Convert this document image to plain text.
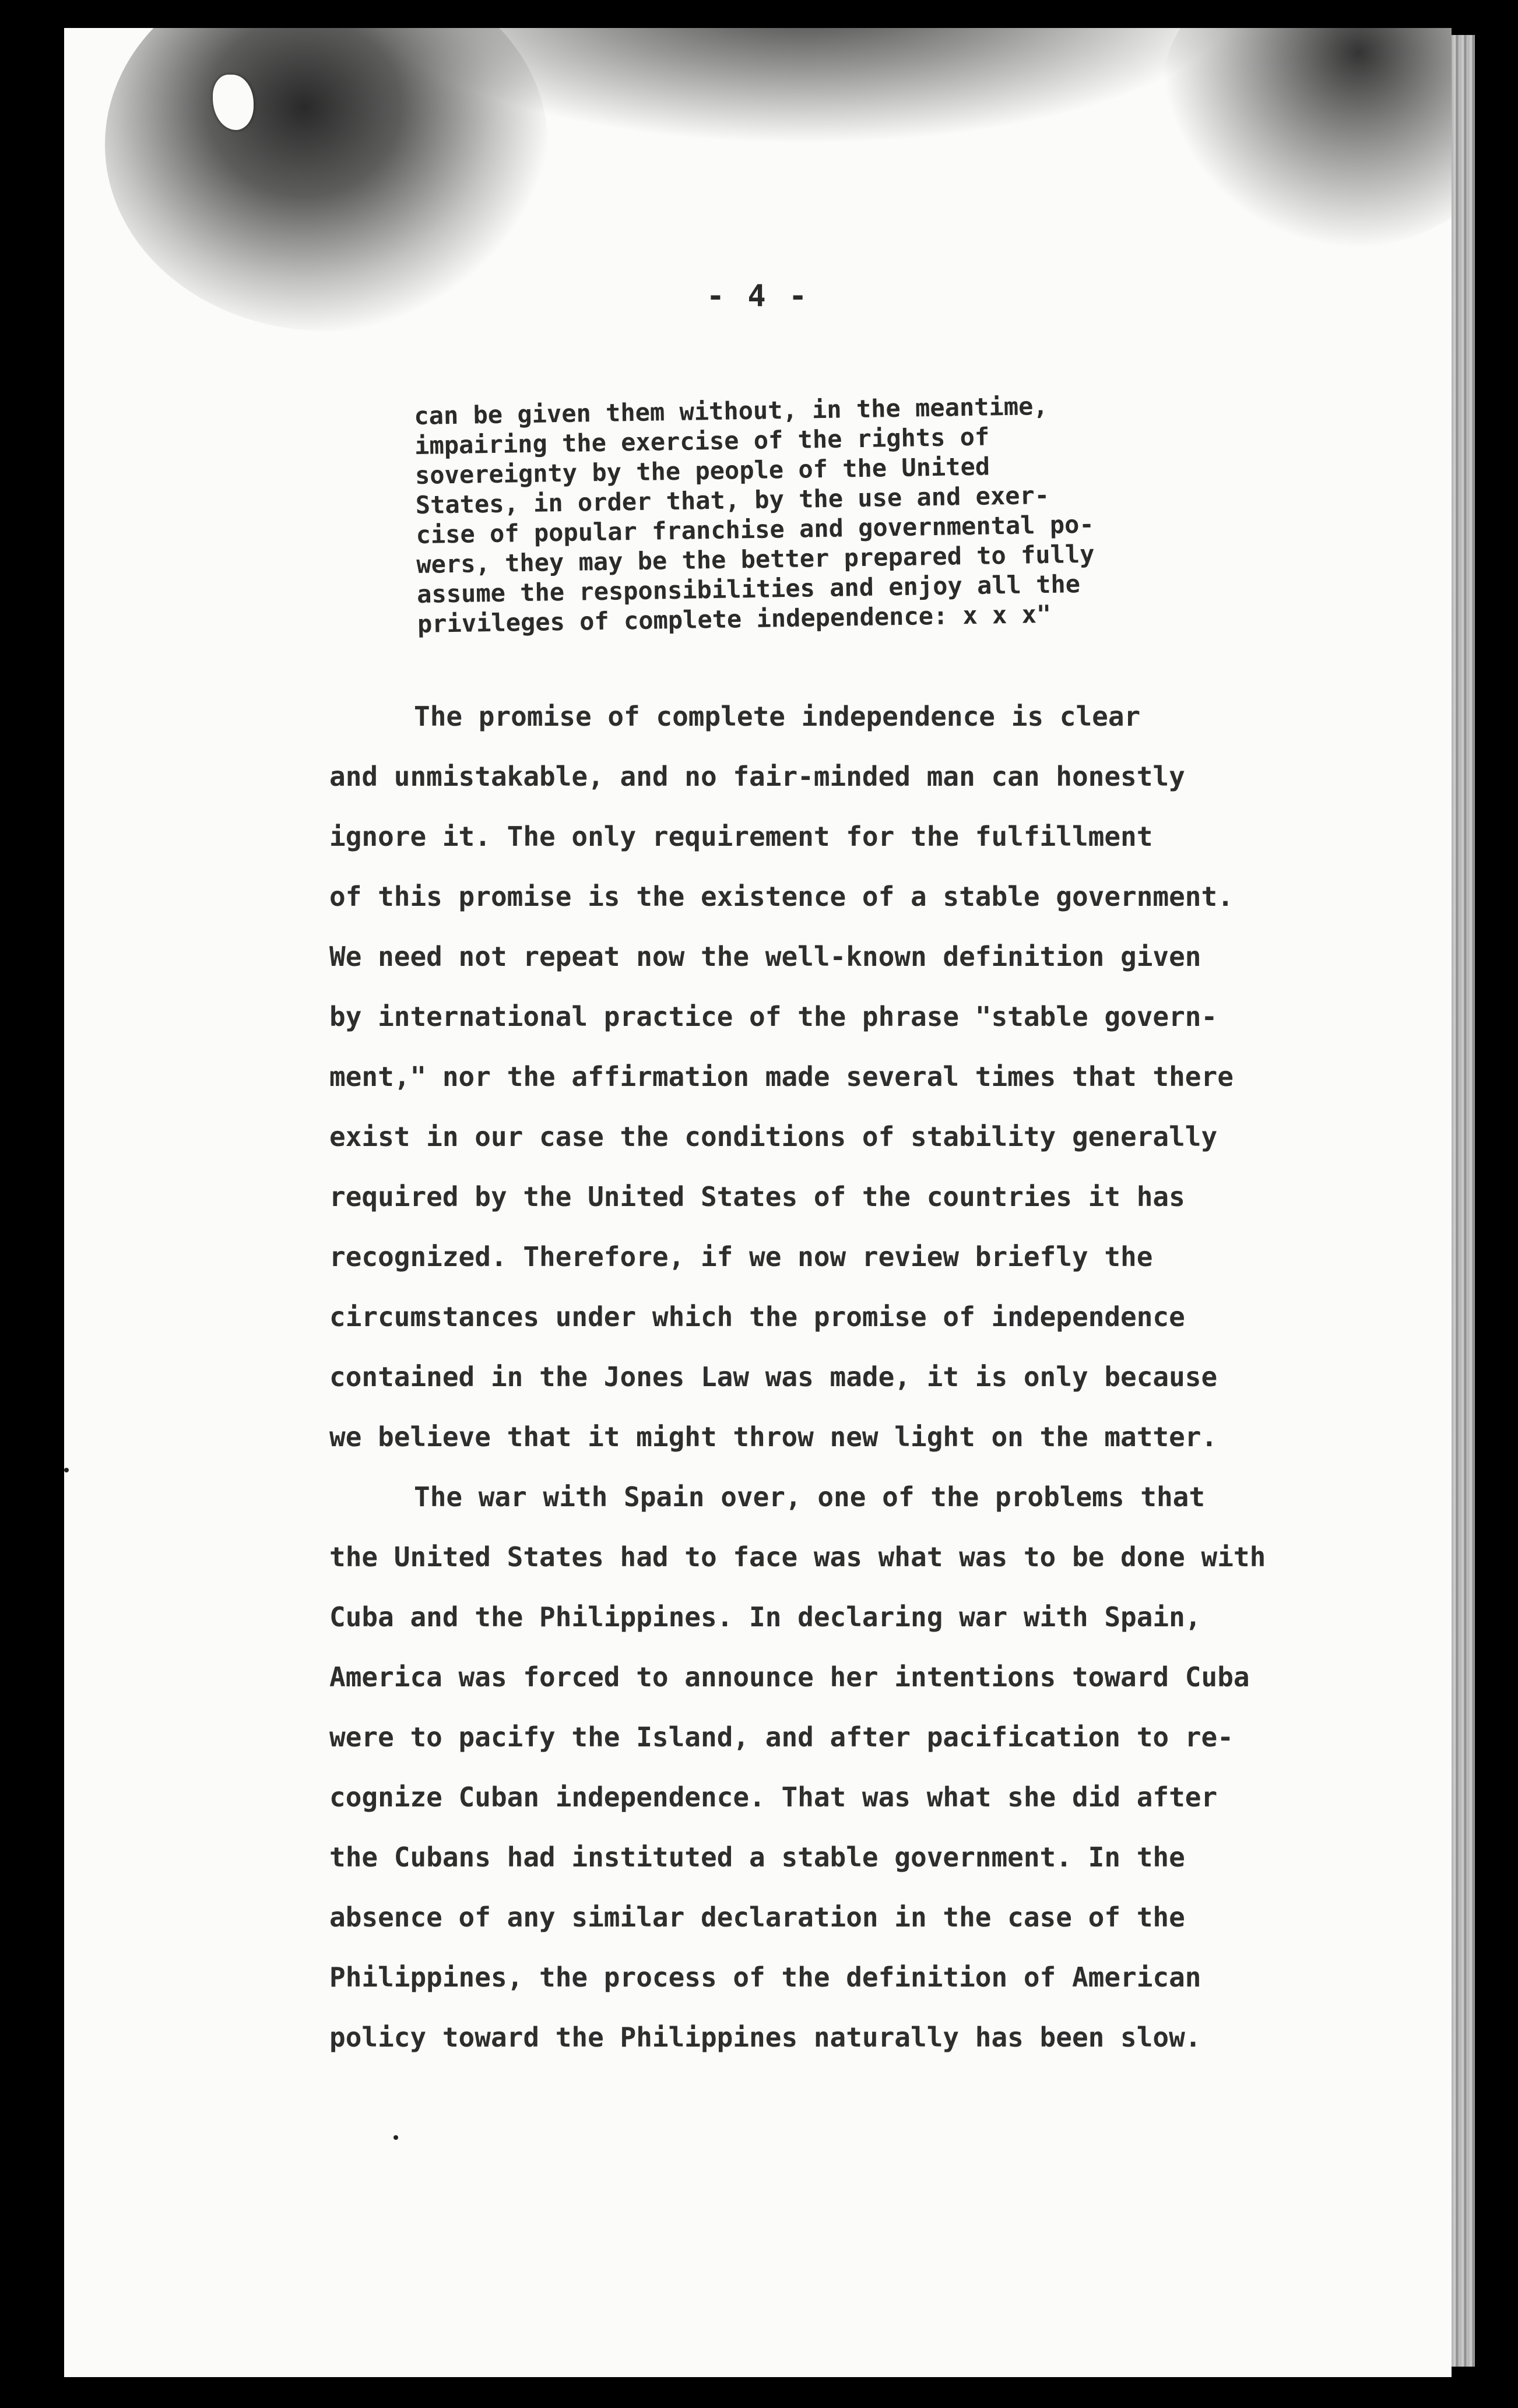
- 4 -

can be given them without, in the meantime,
impairing the exercise of the rights of
sovereignty by the people of the United
States, in order that, by the use and exer-
cise of popular franchise and governmental po-
wers, they may be the better prepared to fully
assume the responsibilities and enjoy all the
privileges of complete independence: x x x"
The promise of complete independence is clear
and unmistakable, and no fair-minded man can honestly
ignore it. The only requirement for the fulfillment
of this promise is the existence of a stable government.
We need not repeat now the well-known definition given
by international practice of the phrase "stable govern-
ment," nor the affirmation made several times that there
exist in our case the conditions of stability generally
required by the United States of the countries it has
recognized. Therefore, if we now review briefly the
circumstances under which the promise of independence
contained in the Jones Law was made, it is only because
we believe that it might throw new light on the matter.
The war with Spain over, one of the problems that
the United States had to face was what was to be done with
Cuba and the Philippines. In declaring war with Spain,
America was forced to announce her intentions toward Cuba
were to pacify the Island, and after pacification to re-
cognize Cuban independence. That was what she did after
the Cubans had instituted a stable government. In the
absence of any similar declaration in the case of the
Philippines, the process of the definition of American
policy toward the Philippines naturally has been slow.
